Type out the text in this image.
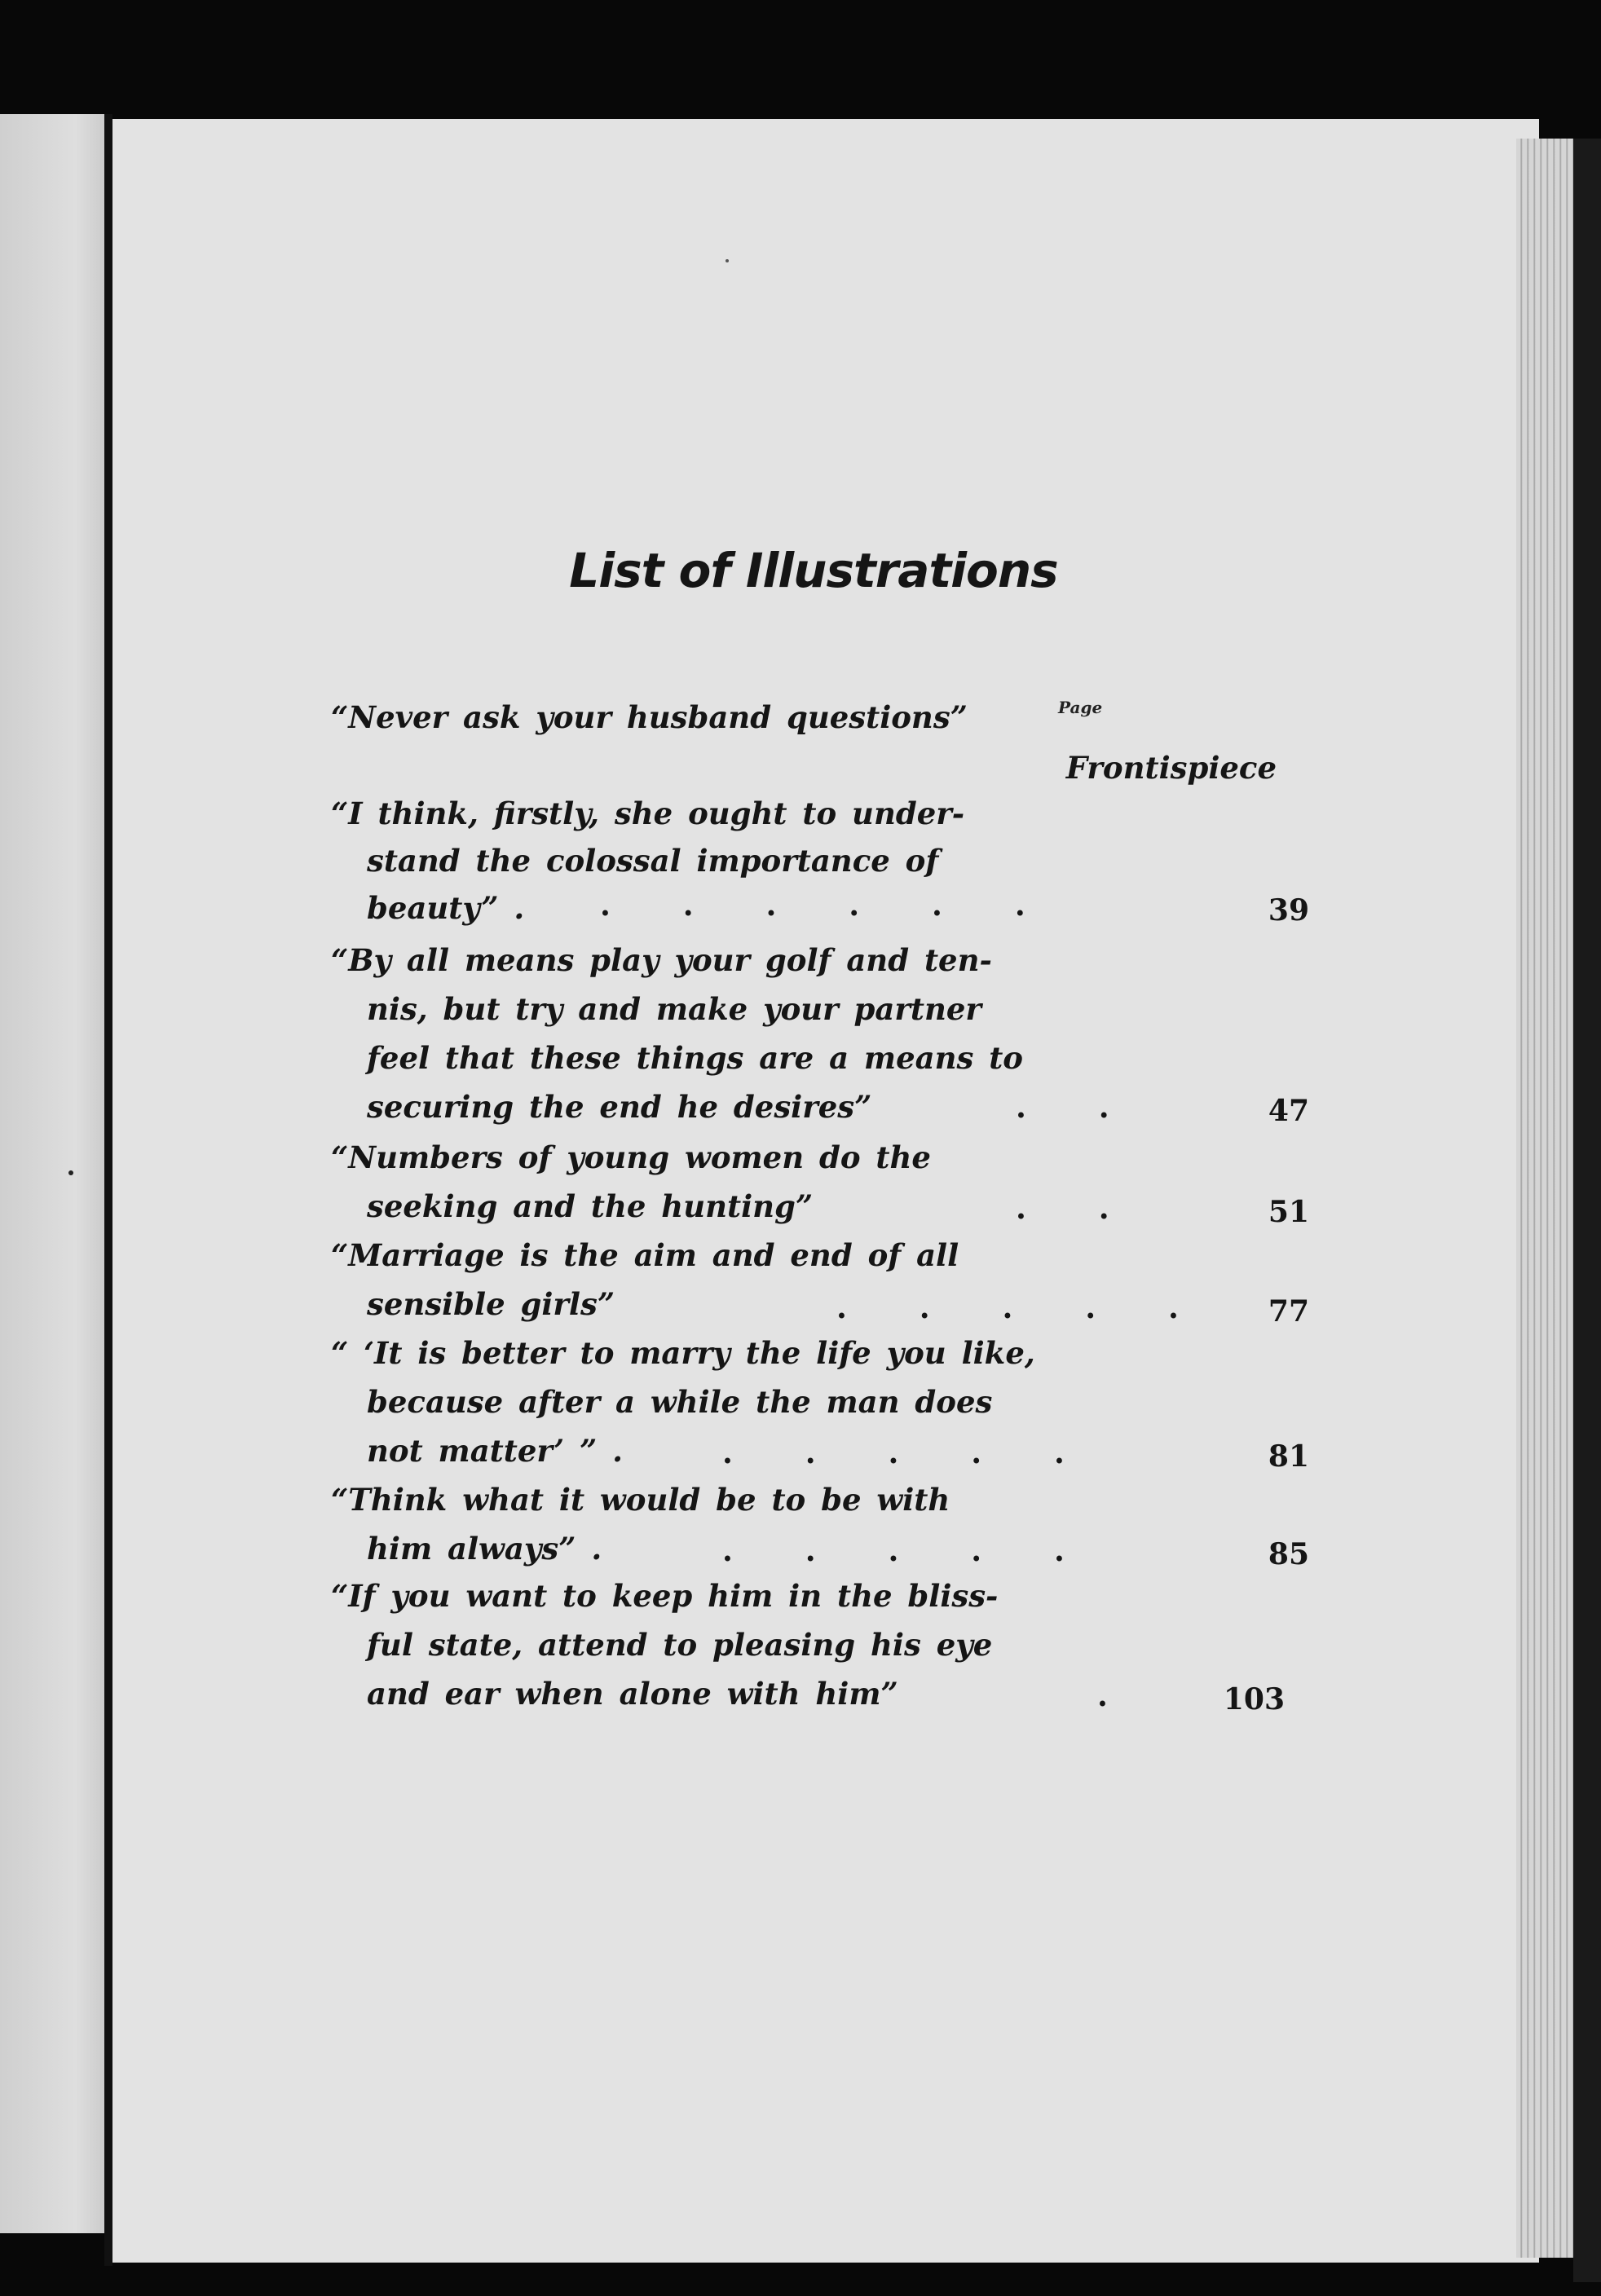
List of Illustrations
Page
“Never ask your husband questions”
Frontispiece
“I think, firstly, she ought to under-
stand the colossal importance of
beauty” .	. . . . . .	39
“By all means play your golf and ten-
nis, but try and make your partner
feel that these things are a means to
securing the end he desires”	. .	47
“Numbers of young women do the
seeking and the hunting”	. .	51
“Marriage is the aim and end of all
sensible girls”	. . . . .	77
“ ‘It is better to marry the life you like,
because after a while the man does
not matter’ ” .	. . . . .	81
“Think what it would be to be with
him always” .	. . . . .	85
“If you want to keep him in the bliss-
ful state, attend to pleasing his eye
and ear when alone with him”	.	103
